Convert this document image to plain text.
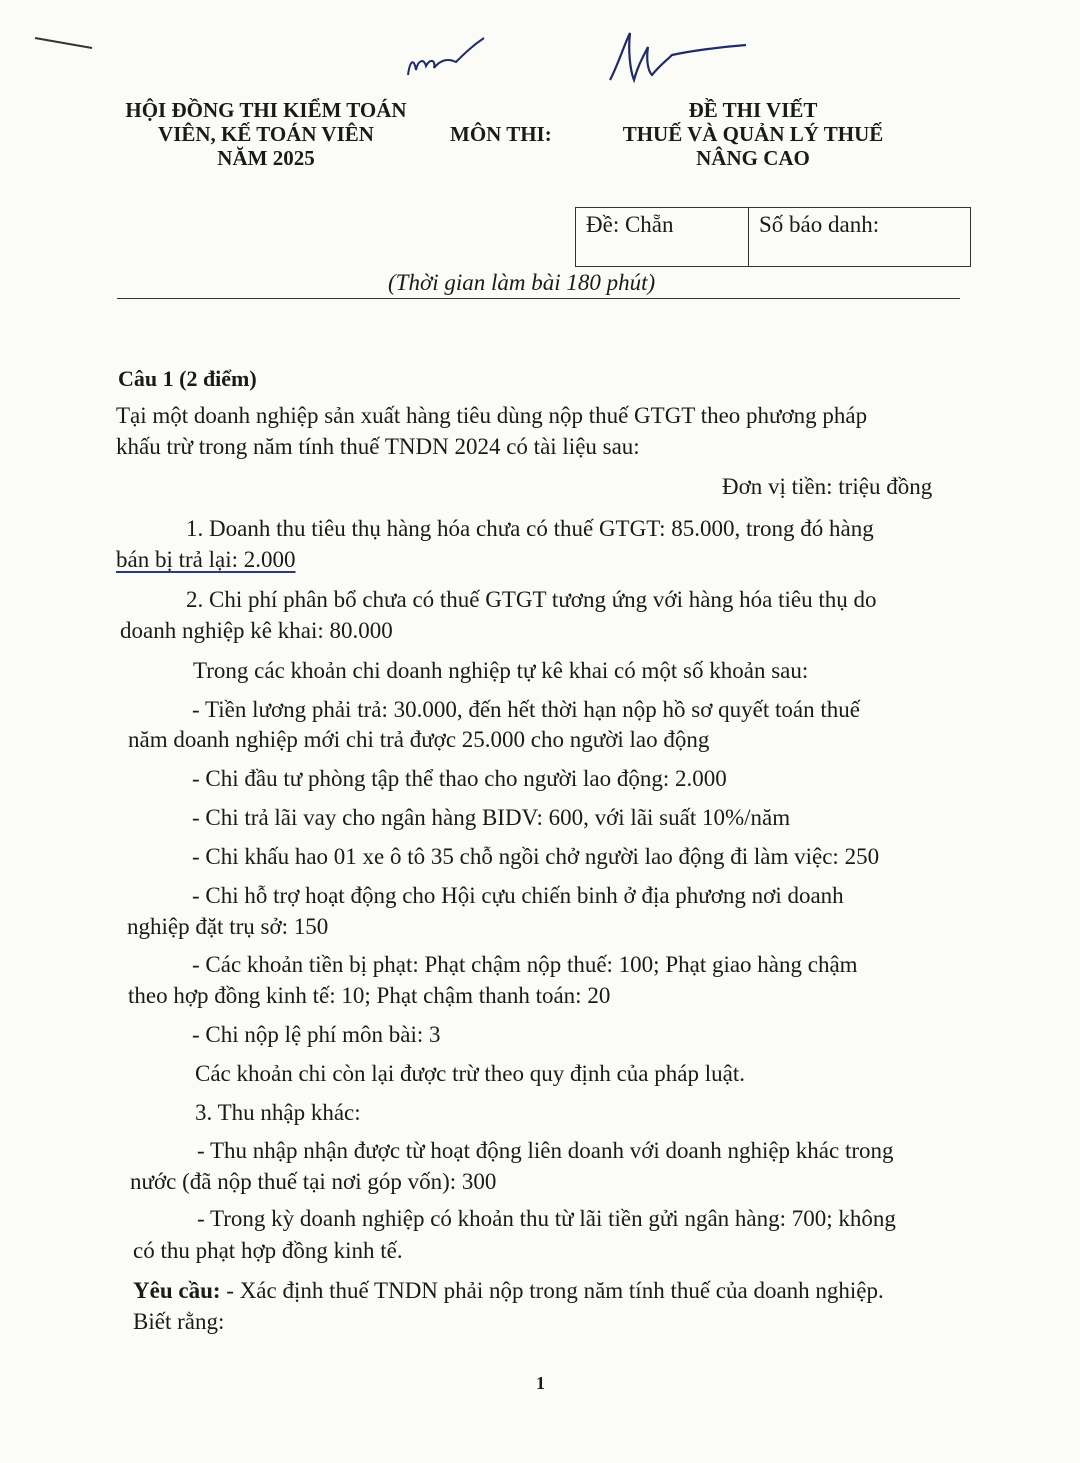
HỘI ĐỒNG THI KIỂM TOÁN
VIÊN, KẾ TOÁN VIÊN
NĂM 2025
MÔN THI:
ĐỀ THI VIẾT
THUẾ VÀ QUẢN LÝ THUẾ
NÂNG CAO
Đề: Chẵn	Số báo danh:
(Thời gian làm bài 180 phút)
Câu 1 (2 điểm)
Tại một doanh nghiệp sản xuất hàng tiêu dùng nộp thuế GTGT theo phương pháp
khấu trừ trong năm tính thuế TNDN 2024 có tài liệu sau:
Đơn vị tiền: triệu đồng
1. Doanh thu tiêu thụ hàng hóa chưa có thuế GTGT: 85.000, trong đó hàng
bán bị trả lại: 2.000
2. Chi phí phân bổ chưa có thuế GTGT tương ứng với hàng hóa tiêu thụ do
doanh nghiệp kê khai: 80.000
Trong các khoản chi doanh nghiệp tự kê khai có một số khoản sau:
- Tiền lương phải trả: 30.000, đến hết thời hạn nộp hồ sơ quyết toán thuế
năm doanh nghiệp mới chi trả được 25.000 cho người lao động
- Chi đầu tư phòng tập thể thao cho người lao động: 2.000
- Chi trả lãi vay cho ngân hàng BIDV: 600, với lãi suất 10%/năm
- Chi khấu hao 01 xe ô tô 35 chỗ ngồi chở người lao động đi làm việc: 250
- Chi hỗ trợ hoạt động cho Hội cựu chiến binh ở địa phương nơi doanh
nghiệp đặt trụ sở: 150
- Các khoản tiền bị phạt: Phạt chậm nộp thuế: 100; Phạt giao hàng chậm
theo hợp đồng kinh tế: 10; Phạt chậm thanh toán: 20
- Chi nộp lệ phí môn bài: 3
Các khoản chi còn lại được trừ theo quy định của pháp luật.
3. Thu nhập khác:
- Thu nhập nhận được từ hoạt động liên doanh với doanh nghiệp khác trong
nước (đã nộp thuế tại nơi góp vốn): 300
- Trong kỳ doanh nghiệp có khoản thu từ lãi tiền gửi ngân hàng: 700; không
có thu phạt hợp đồng kinh tế.
Yêu cầu: - Xác định thuế TNDN phải nộp trong năm tính thuế của doanh nghiệp.
Biết rằng:
1
